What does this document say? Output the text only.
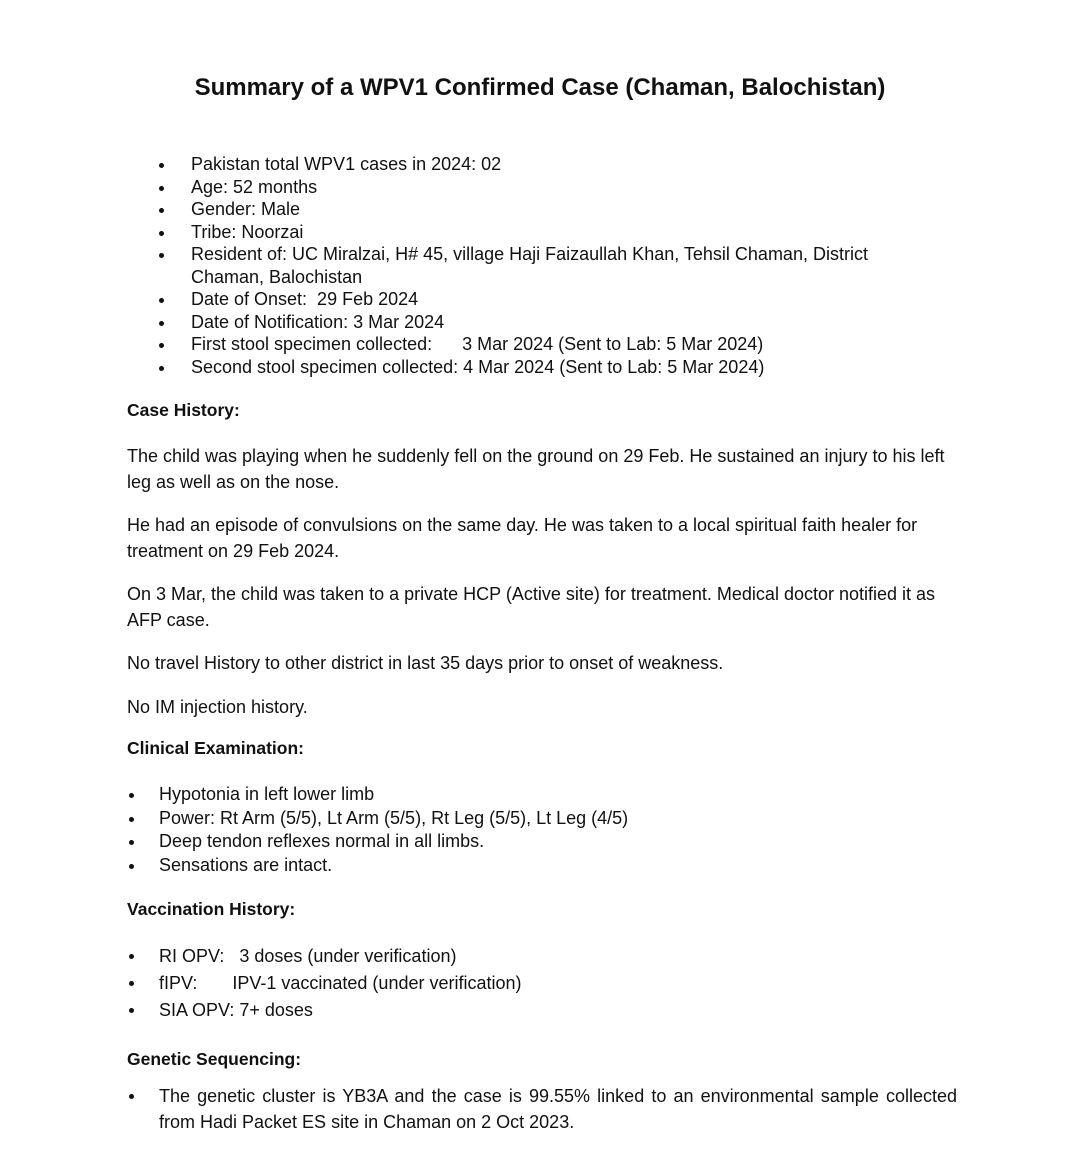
Summary of a WPV1 Confirmed Case (Chaman, Balochistan)
Pakistan total WPV1 cases in 2024: 02
Age: 52 months
Gender: Male
Tribe: Noorzai
Resident of: UC Miralzai, H# 45, village Haji Faizaullah Khan, Tehsil Chaman, District Chaman, Balochistan
Date of Onset:  29 Feb 2024
Date of Notification: 3 Mar 2024
First stool specimen collected:      3 Mar 2024 (Sent to Lab: 5 Mar 2024)
Second stool specimen collected: 4 Mar 2024 (Sent to Lab: 5 Mar 2024)
Case History:

The child was playing when he suddenly fell on the ground on 29 Feb. He sustained an injury to his left leg as well as on the nose.

He had an episode of convulsions on the same day. He was taken to a local spiritual faith healer for treatment on 29 Feb 2024.

On 3 Mar, the child was taken to a private HCP (Active site) for treatment. Medical doctor notified it as AFP case.

No travel History to other district in last 35 days prior to onset of weakness.

No IM injection history.

Clinical Examination:
Hypotonia in left lower limb
Power: Rt Arm (5/5), Lt Arm (5/5), Rt Leg (5/5), Lt Leg (4/5)
Deep tendon reflexes normal in all limbs.
Sensations are intact.
Vaccination History:
RI OPV:   3 doses (under verification)
fIPV:       IPV-1 vaccinated (under verification)
SIA OPV: 7+ doses
Genetic Sequencing:
The genetic cluster is YB3A and the case is 99.55% linked to an environmental sample collected from Hadi Packet ES site in Chaman on 2 Oct 2023.
